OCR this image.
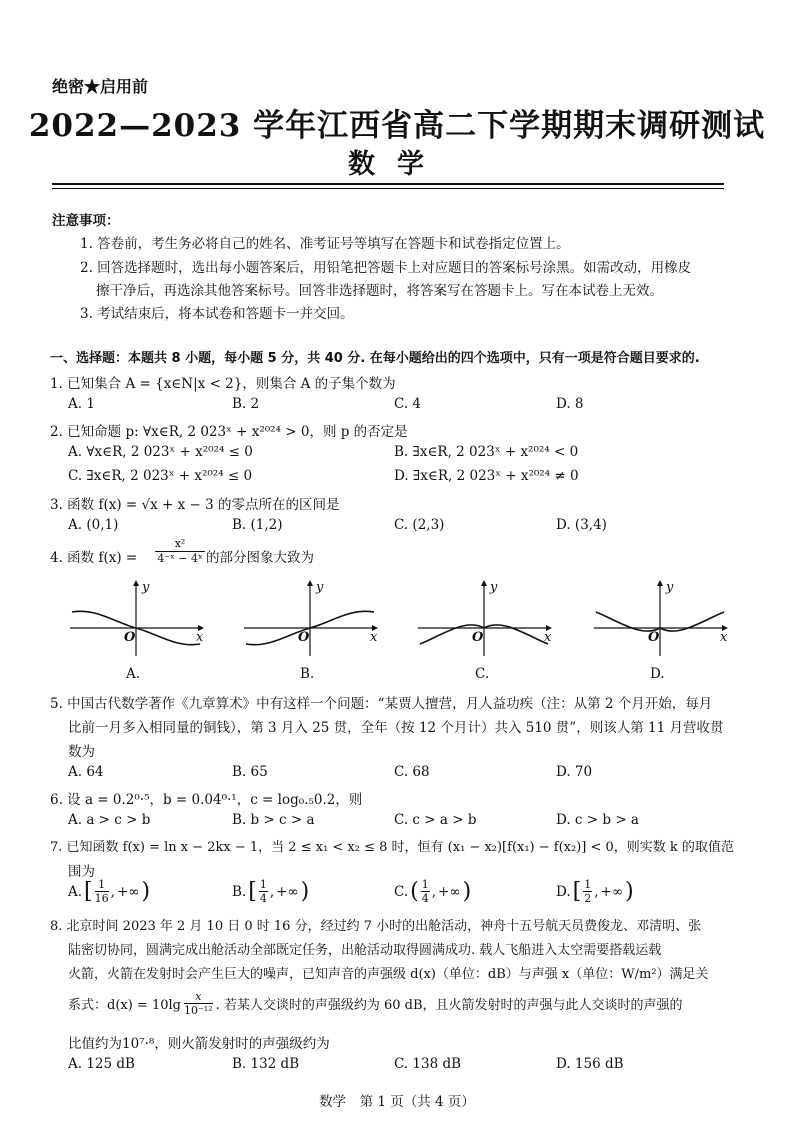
绝密★启用前
2022—2023 学年江西省高二下学期期末调研测试
数学
注意事项：
1. 答卷前，考生务必将自己的姓名、准考证号等填写在答题卡和试卷指定位置上。
2. 回答选择题时，选出每小题答案后，用铅笔把答题卡上对应题目的答案标号涂黑。如需改动，用橡皮
擦干净后，再选涂其他答案标号。回答非选择题时，将答案写在答题卡上。写在本试卷上无效。
3. 考试结束后，将本试卷和答题卡一并交回。
一、选择题：本题共 8 小题，每小题 5 分，共 40 分. 在每小题给出的四个选项中，只有一项是符合题目要求的.
1. 已知集合 A = {x∈N|x < 2}，则集合 A 的子集个数为
A. 1	B. 2	C. 4	D. 8
2. 已知命题 p: ∀x∈R, 2 023ˣ + x²⁰²⁴ > 0，则 p 的否定是
A. ∀x∈R, 2 023ˣ + x²⁰²⁴ ≤ 0	B. ∃x∈R, 2 023ˣ + x²⁰²⁴ < 0
C. ∃x∈R, 2 023ˣ + x²⁰²⁴ ≤ 0	D. ∃x∈R, 2 023ˣ + x²⁰²⁴ ≠ 0
3. 函数 f(x) = √x + x − 3 的零点所在的区间是
A. (0,1)	B. (1,2)	C. (2,3)	D. (3,4)
4. 函数 $f(x) = \frac{\text{x²}}{\text{4⁻ˣ − 4ˣ}}$ 的部分图象大致为
y
x
O
y
x
O
y
x
O
y
x
O
A.	B.	C.	D.
5. 中国古代数学著作《九章算术》中有这样一个问题：“某贾人擅营，月人益功疾（注：从第 2 个月开始，每月
比前一月多入相同量的铜钱），第 3 月入 25 贯，全年（按 12 个月计）共入 510 贯”，则该人第 11 月营收贯
数为
A. 64	B. 65	C. 68	D. 70
6. 设 a = 0.2⁰·⁵，b = 0.04⁰·¹，c = log₀.₅0.2，则
A. a > c > b	B. b > c > a	C. c > a > b	D. c > b > a
7. 已知函数 f(x) = ln x − 2kx − 1，当 2 ≤ x₁ < x₂ ≤ 8 时，恒有 (x₁ − x₂)[f(x₁) − f(x₂)] < 0，则实数 k 的取值范
围为
A. [ $\frac{1}{16}$ , +∞ )	B. [ $\frac{1}{4}$ , +∞ )	C. ( $\frac{1}{4}$ , +∞ )	D. [ $\frac{1}{2}$ , +∞ )
8. 北京时间 2023 年 2 月 10 日 0 时 16 分，经过约 7 小时的出舱活动，神舟十五号航天员费俊龙、邓清明、张
陆密切协同，圆满完成出舱活动全部既定任务，出舱活动取得圆满成功. 载人飞船进入太空需要搭载运载
火箭，火箭在发射时会产生巨大的噪声，已知声音的声强级 d(x)（单位：dB）与声强 x（单位：W/m²）满足关
系式：$d(x) = 10\lg \frac{x}{\text{10⁻¹²}}$ . 若某人交谈时的声强级约为 60 dB，且火箭发射时的声强与此人交谈时的声强的
比值约为10⁷·⁸，则火箭发射时的声强级约为
A. 125 dB	B. 132 dB	C. 138 dB	D. 156 dB
数学　第 1 页（共 4 页）
